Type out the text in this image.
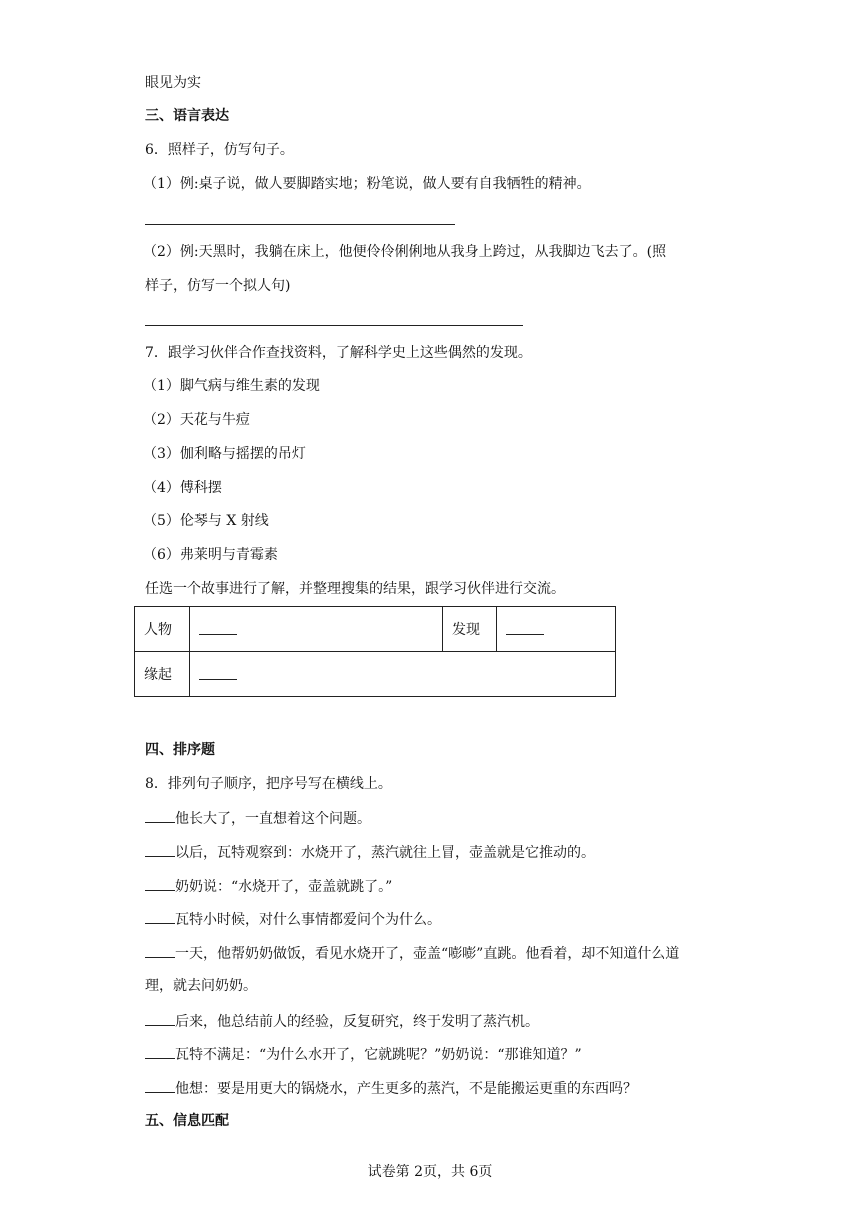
眼见为实
三、语言表达
6．照样子，仿写句子。
（1）例:桌子说，做人要脚踏实地；粉笔说，做人要有自我牺牲的精神。
（2）例:天黑时，我躺在床上，他便伶伶俐俐地从我身上跨过，从我脚边飞去了。(照
样子，仿写一个拟人句)
7．跟学习伙伴合作查找资料，了解科学史上这些偶然的发现。
（1）脚气病与维生素的发现
（2）天花与牛痘
（3）伽利略与摇摆的吊灯
（4）傅科摆
（5）伦琴与 X 射线
（6）弗莱明与青霉素
任选一个故事进行了解，并整理搜集的结果，跟学习伙伴进行交流。
人物		发现	
缘起			
四、排序题
8．排列句子顺序，把序号写在横线上。
他长大了，一直想着这个问题。
以后，瓦特观察到：水烧开了，蒸汽就往上冒，壶盖就是它推动的。
奶奶说：“水烧开了，壶盖就跳了。”
瓦特小时候，对什么事情都爱问个为什么。
一天，他帮奶奶做饭，看见水烧开了，壶盖“嘭嘭”直跳。他看着，却不知道什么道
理，就去问奶奶。
后来，他总结前人的经验，反复研究，终于发明了蒸汽机。
瓦特不满足：“为什么水开了，它就跳呢？”奶奶说：“那谁知道？”
他想：要是用更大的锅烧水，产生更多的蒸汽，不是能搬运更重的东西吗？
五、信息匹配
试卷第 2页，共 6页
